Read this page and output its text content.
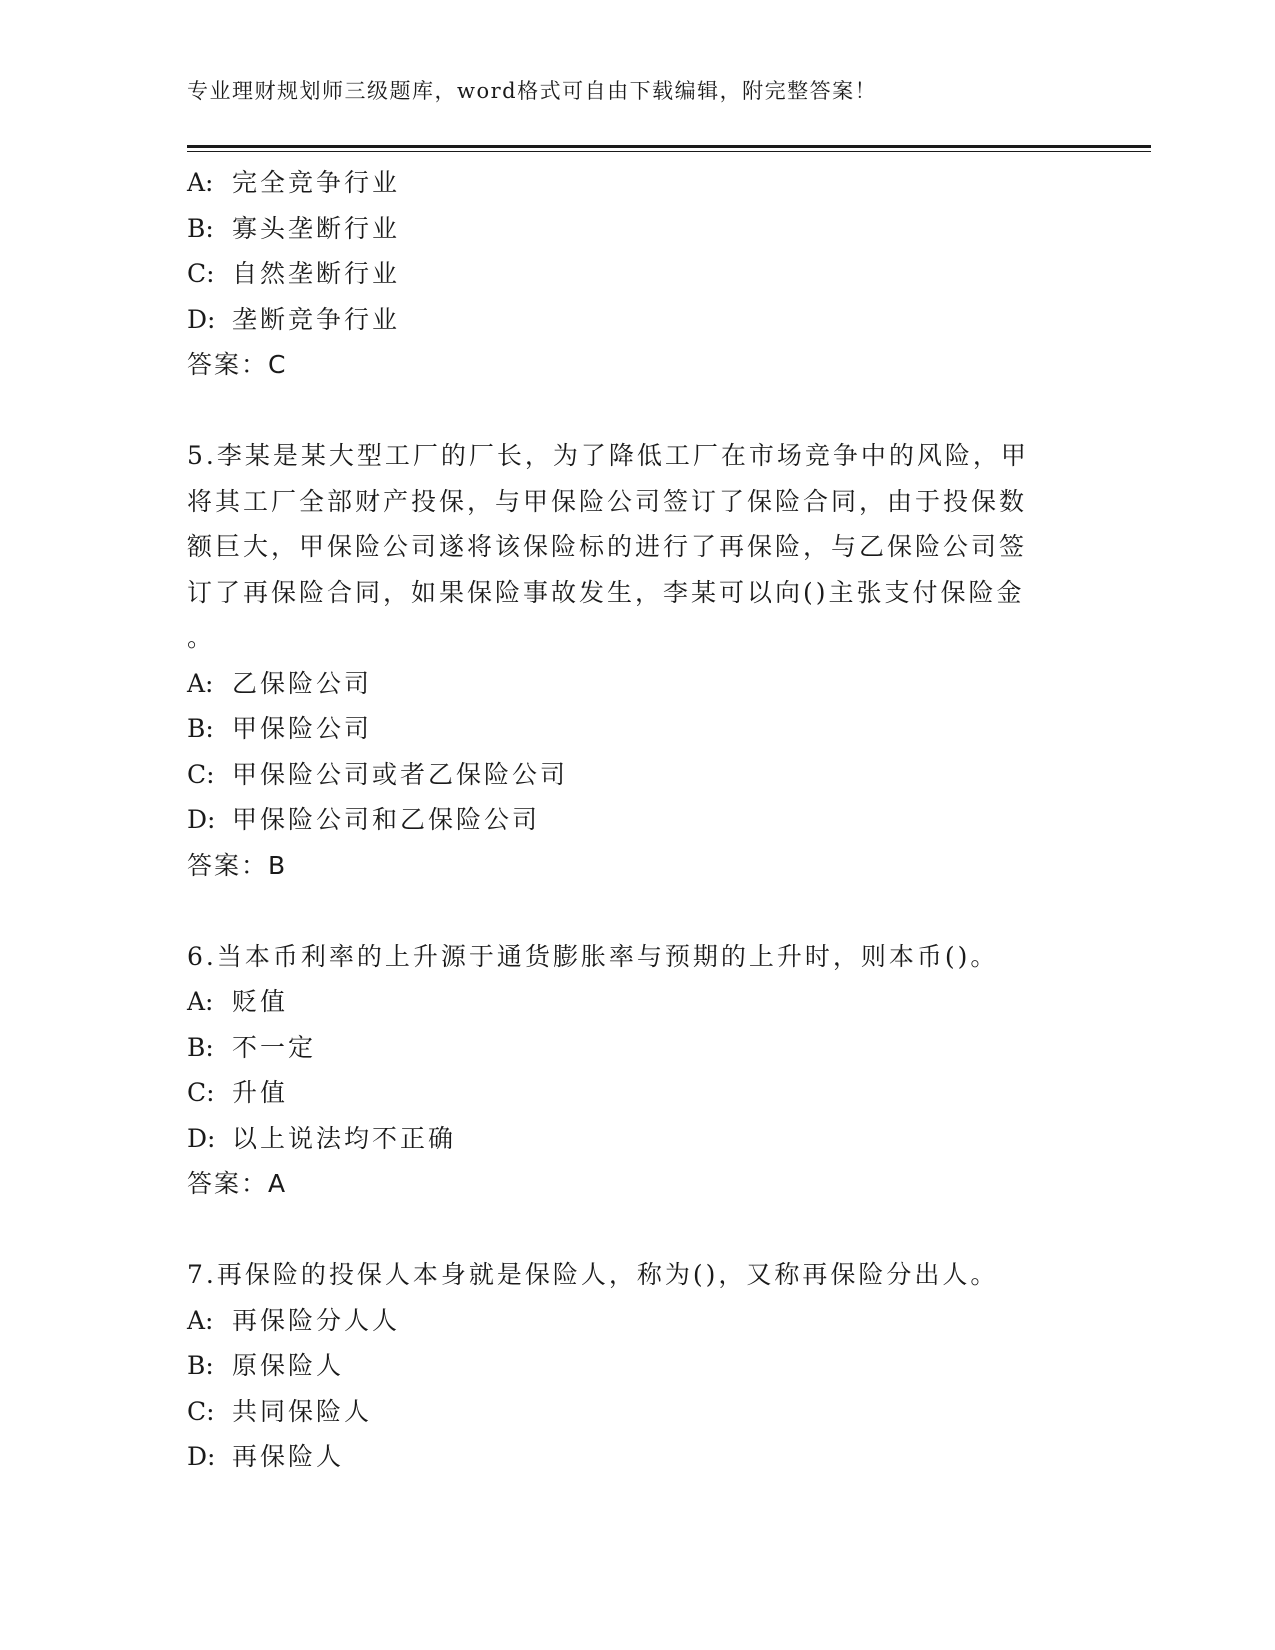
专业理财规划师三级题库，word格式可自由下载编辑，附完整答案！
A: 完全竞争行业
B: 寡头垄断行业
C: 自然垄断行业
D: 垄断竞争行业
答案：C
5.李某是某大型工厂的厂长，为了降低工厂在市场竞争中的风险，甲
将其工厂全部财产投保，与甲保险公司签订了保险合同，由于投保数
额巨大，甲保险公司遂将该保险标的进行了再保险，与乙保险公司签
订了再保险合同，如果保险事故发生，李某可以向()主张支付保险金
。
A: 乙保险公司
B: 甲保险公司
C: 甲保险公司或者乙保险公司
D: 甲保险公司和乙保险公司
答案：B
6.当本币利率的上升源于通货膨胀率与预期的上升时，则本币()。
A: 贬值
B: 不一定
C: 升值
D: 以上说法均不正确
答案：A
7.再保险的投保人本身就是保险人，称为()，又称再保险分出人。
A: 再保险分人人
B: 原保险人
C: 共同保险人
D: 再保险人
